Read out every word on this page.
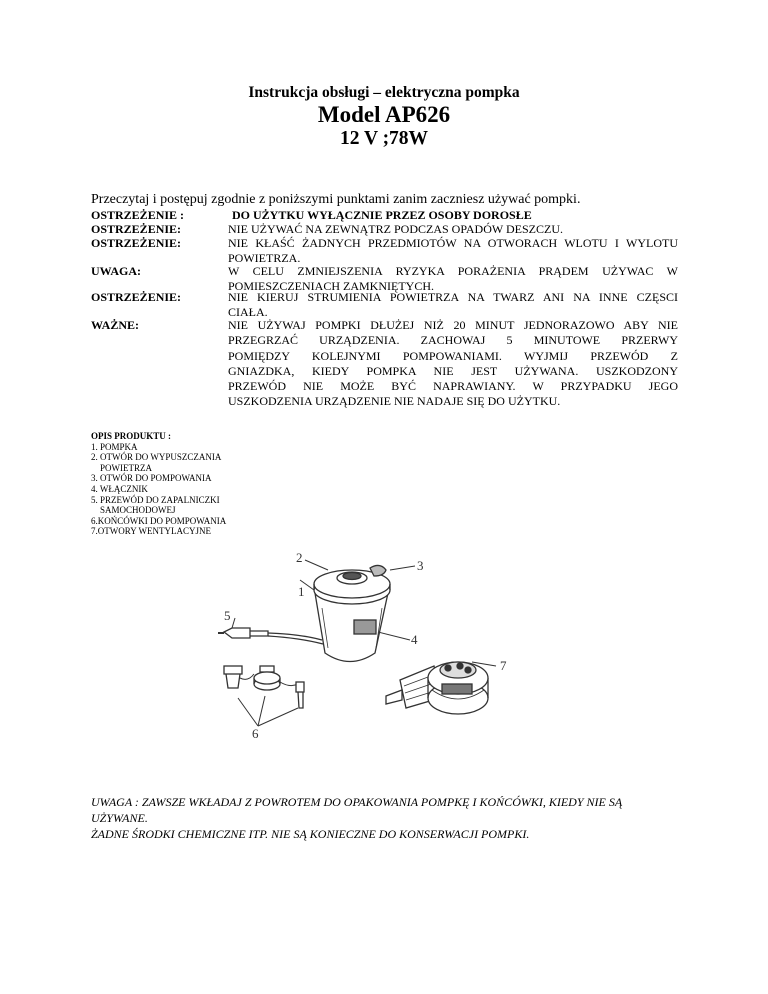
Instrukcja obsługi – elektryczna pompka
Model AP626
12 V ;78W
Przeczytaj i postępuj zgodnie z poniższymi punktami zanim zaczniesz używać pompki.
OSTRZEŻENIE :	DO UŻYTKU WYŁĄCZNIE PRZEZ OSOBY DOROSŁE
OSTRZEŻENIE:	NIE UŻYWAĆ NA ZEWNĄTRZ PODCZAS OPADÓW DESZCZU.
OSTRZEŻENIE:	NIE KŁAŚĆ ŻADNYCH PRZEDMIOTÓW NA OTWORACH WLOTU I WYLOTU
POWIETRZA.
UWAGA:	W CELU ZMNIEJSZENIA RYZYKA PORAŻENIA PRĄDEM UŻYWAC W
POMIESZCZENIACH ZAMKNIĘTYCH.
OSTRZEŻENIE:	NIE KIERUJ STRUMIENIA POWIETRZA NA TWARZ ANI NA INNE CZĘSCI
CIAŁA.
WAŻNE:	NIE UŻYWAJ POMPKI DŁUŻEJ NIŻ 20 MINUT JEDNORAZOWO ABY NIE
PRZEGRZAĆ URZĄDZENIA. ZACHOWAJ 5 MINUTOWE PRZERWY
POMIĘDZY KOLEJNYMI POMPOWANIAMI. WYJMIJ PRZEWÓD Z
GNIAZDKA, KIEDY POMPKA NIE JEST UŻYWANA. USZKODZONY
PRZEWÓD NIE MOŻE BYĆ NAPRAWIANY. W PRZYPADKU JEGO
USZKODZENIA URZĄDZENIE NIE NADAJE SIĘ DO UŻYTKU.
OPIS PRODUKTU :
1. POMPKA
2. OTWÓR DO WYPUSZCZANIA
POWIETRZA
3. OTWÓR DO POMPOWANIA
4. WŁĄCZNIK
5. PRZEWÓD DO ZAPALNICZKI
SAMOCHODOWEJ
6.KOŃCÓWKI DO POMPOWANIA
7.OTWORY WENTYLACYJNE
1
2
3
4
5
6
7
UWAGA : ZAWSZE WKŁADAJ Z POWROTEM DO OPAKOWANIA POMPKĘ I KOŃCÓWKI, KIEDY NIE SĄ
UŻYWANE.
ŻADNE ŚRODKI CHEMICZNE ITP. NIE SĄ KONIECZNE DO KONSERWACJI POMPKI.
